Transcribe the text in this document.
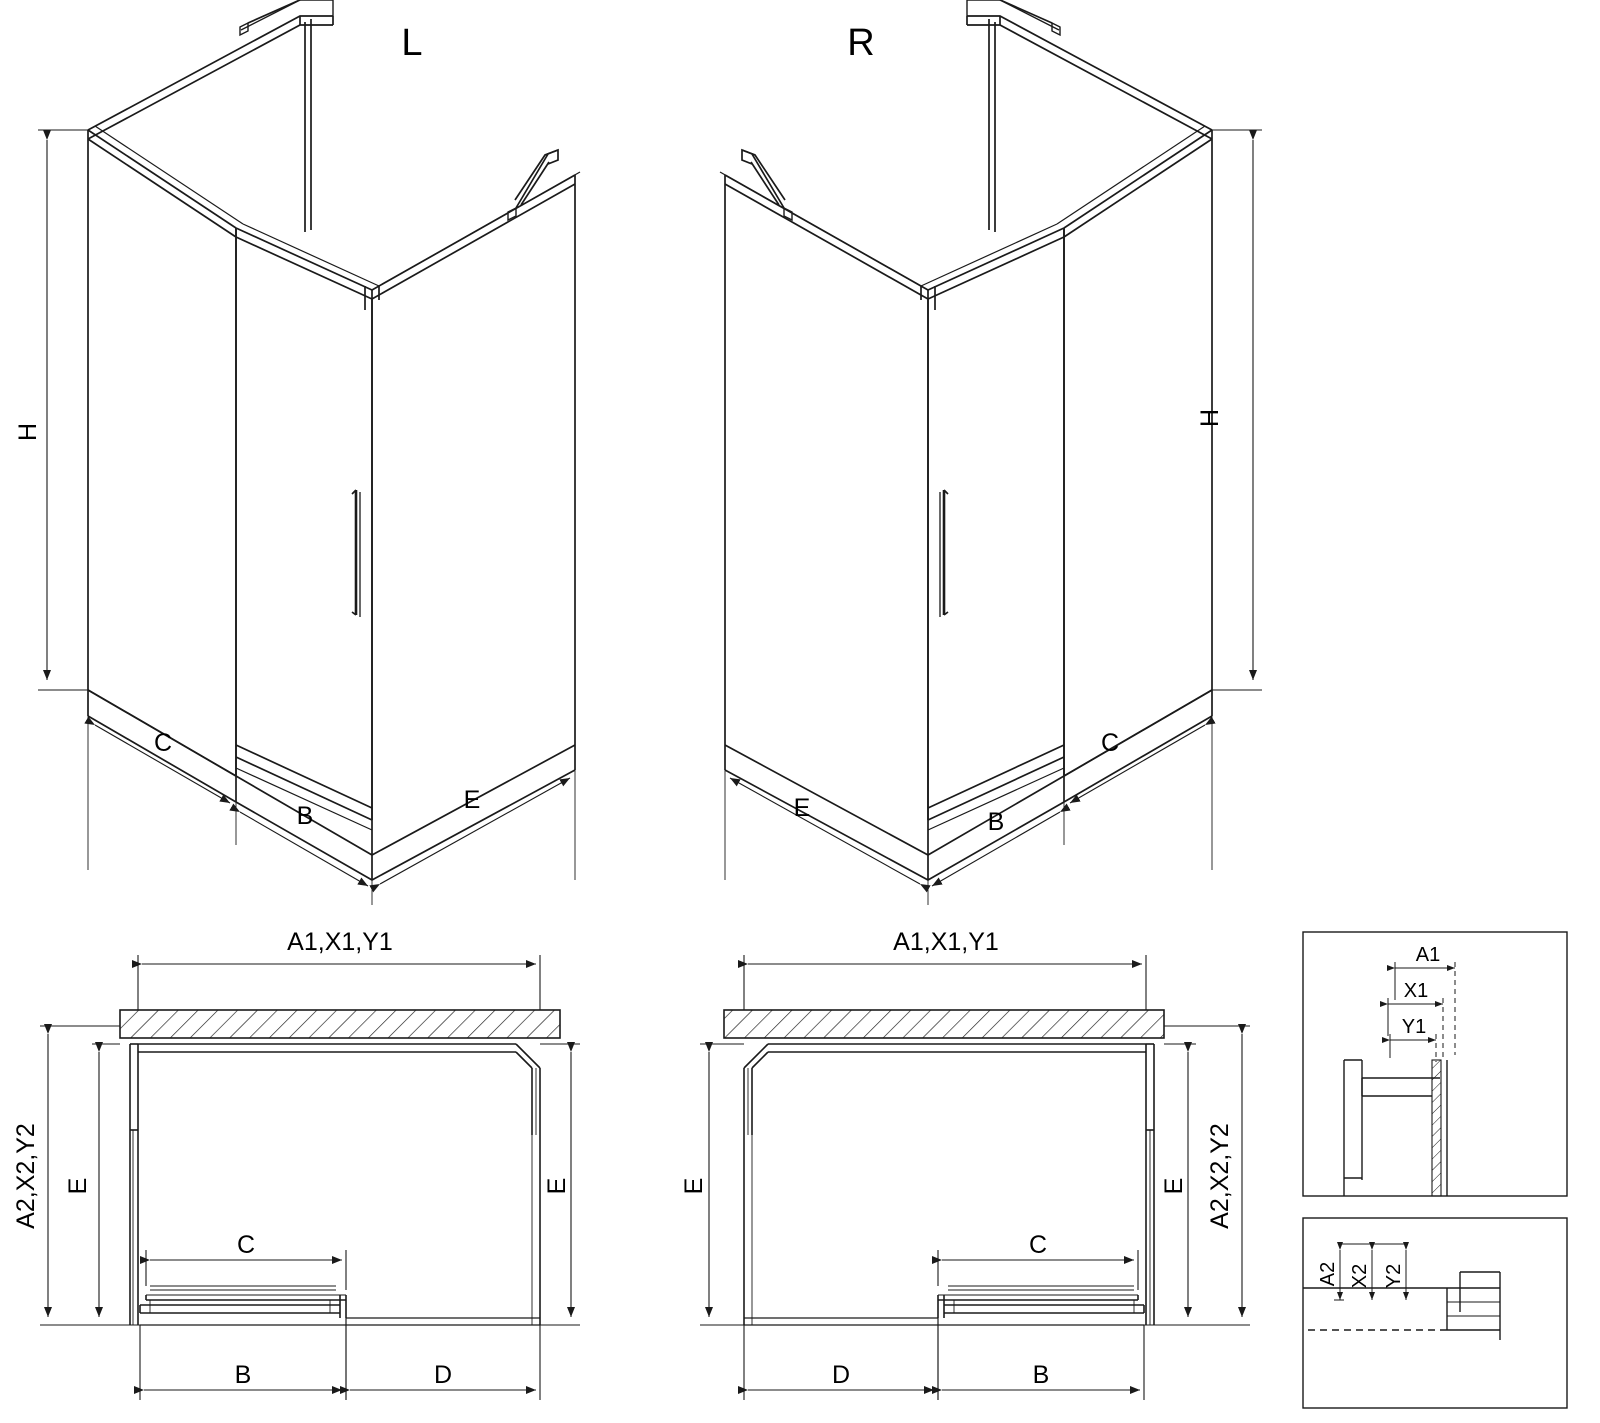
L
H
C
B
E
R
H
C
B
E
A1,X1,Y1
A2,X2,Y2 E	E
C
B	D
A1,X1,Y1
A2,X2,Y2
E
E
C
D	B
A1
X1
Y1
A2 X2 Y2
